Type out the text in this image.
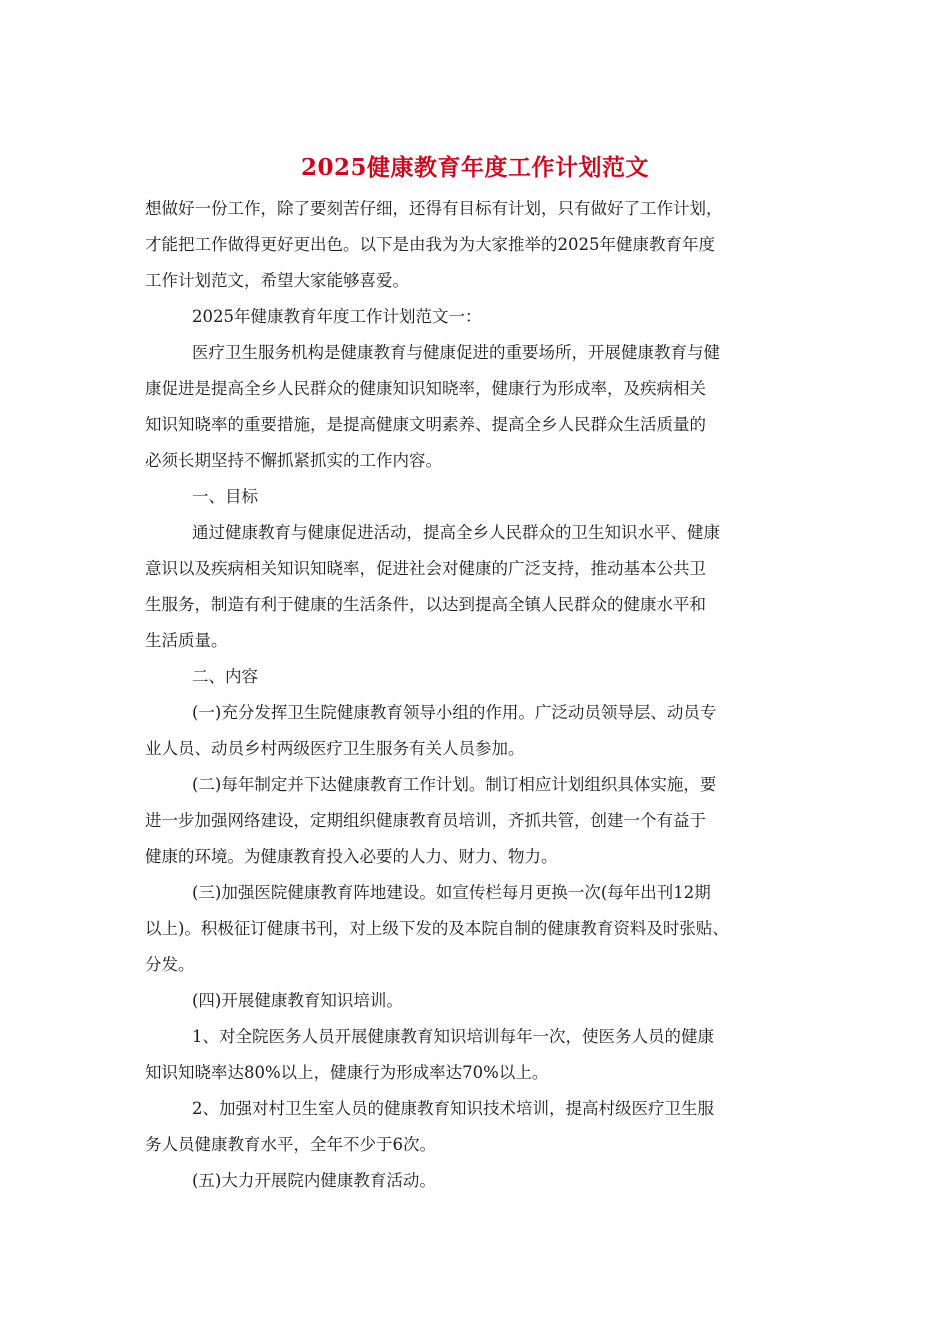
2025健康教育年度工作计划范文
想做好一份工作，除了要刻苦仔细，还得有目标有计划，只有做好了工作计划，
才能把工作做得更好更出色。以下是由我为为大家推举的2025年健康教育年度
工作计划范文，希望大家能够喜爱。
2025年健康教育年度工作计划范文一：
医疗卫生服务机构是健康教育与健康促进的重要场所，开展健康教育与健
康促进是提高全乡人民群众的健康知识知晓率，健康行为形成率，及疾病相关
知识知晓率的重要措施，是提高健康文明素养、提高全乡人民群众生活质量的
必须长期坚持不懈抓紧抓实的工作内容。
一、目标
通过健康教育与健康促进活动，提高全乡人民群众的卫生知识水平、健康
意识以及疾病相关知识知晓率，促进社会对健康的广泛支持，推动基本公共卫
生服务，制造有利于健康的生活条件，以达到提高全镇人民群众的健康水平和
生活质量。
二、内容
(一)充分发挥卫生院健康教育领导小组的作用。广泛动员领导层、动员专
业人员、动员乡村两级医疗卫生服务有关人员参加。
(二)每年制定并下达健康教育工作计划。制订相应计划组织具体实施，要
进一步加强网络建设，定期组织健康教育员培训，齐抓共管，创建一个有益于
健康的环境。为健康教育投入必要的人力、财力、物力。
(三)加强医院健康教育阵地建设。如宣传栏每月更换一次(每年出刊12期
以上)。积极征订健康书刊，对上级下发的及本院自制的健康教育资料及时张贴、
分发。
(四)开展健康教育知识培训。
1、对全院医务人员开展健康教育知识培训每年一次，使医务人员的健康
知识知晓率达80%以上，健康行为形成率达70%以上。
2、加强对村卫生室人员的健康教育知识技术培训，提高村级医疗卫生服
务人员健康教育水平，全年不少于6次。
(五)大力开展院内健康教育活动。
